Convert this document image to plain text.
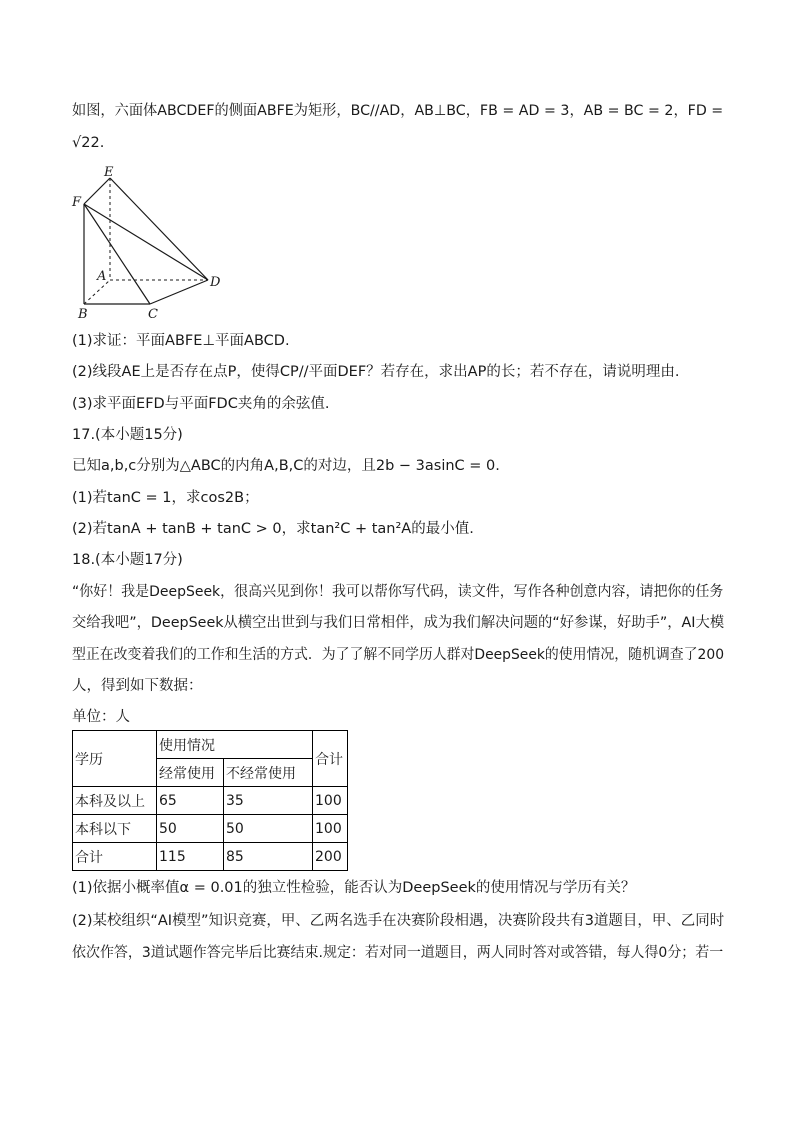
如图，六面体ABCDEF的侧面ABFE为矩形，BC//AD，AB⊥BC，FB = AD = 3，AB = BC = 2，FD =
√22.
E
F
A	D
B	C
(1)求证：平面ABFE⊥平面ABCD.
(2)线段AE上是否存在点P，使得CP//平面DEF？若存在，求出AP的长；若不存在，请说明理由.
(3)求平面EFD与平面FDC夹角的余弦值.
17.(本小题15分)
已知a,b,c分别为△ABC的内角A,B,C的对边，且2b − 3asinC = 0.
(1)若tanC = 1，求cos2B；
(2)若tanA + tanB + tanC > 0，求tan²C + tan²A的最小值.
18.(本小题17分)
“你好！我是DeepSeek，很高兴见到你！我可以帮你写代码，读文件，写作各种创意内容，请把你的任务
交给我吧”，DeepSeek从横空出世到与我们日常相伴，成为我们解决问题的“好参谋，好助手”，AI大模
型正在改变着我们的工作和生活的方式．为了了解不同学历人群对DeepSeek的使用情况，随机调查了200
人，得到如下数据：
单位：人
学历	使用情况		合计
	经常使用	不经常使用	
本科及以上	65	35	100
本科以下	50	50	100
合计	115	85	200
(1)依据小概率值α = 0.01的独立性检验，能否认为DeepSeek的使用情况与学历有关？
(2)某校组织“AI模型”知识竞赛，甲、乙两名选手在决赛阶段相遇，决赛阶段共有3道题目，甲、乙同时
依次作答，3道试题作答完毕后比赛结束.规定：若对同一道题目，两人同时答对或答错，每人得0分；若一
